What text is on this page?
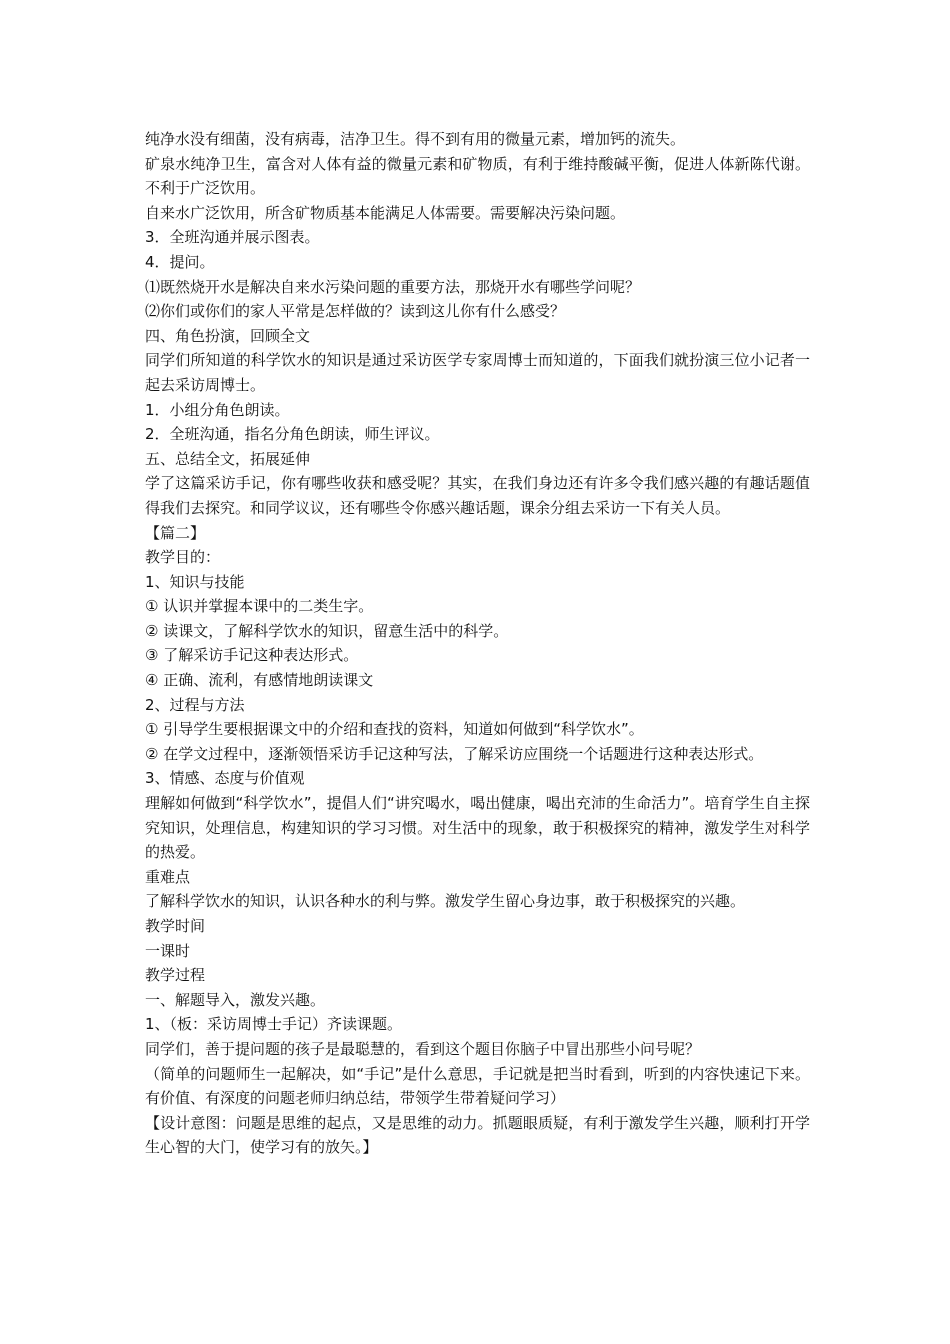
纯净水没有细菌，没有病毒，洁净卫生。得不到有用的微量元素，增加钙的流失。

矿泉水纯净卫生，富含对人体有益的微量元素和矿物质，有利于维持酸碱平衡，促进人体新陈代谢。不利于广泛饮用。

自来水广泛饮用，所含矿物质基本能满足人体需要。需要解决污染问题。

3．全班沟通并展示图表。

4．提问。

⑴既然烧开水是解决自来水污染问题的重要方法，那烧开水有哪些学问呢？

⑵你们或你们的家人平常是怎样做的？读到这儿你有什么感受？

四、角色扮演，回顾全文

同学们所知道的科学饮水的知识是通过采访医学专家周博士而知道的，下面我们就扮演三位小记者一起去采访周博士。

1．小组分角色朗读。

2．全班沟通，指名分角色朗读，师生评议。

五、总结全文，拓展延伸

学了这篇采访手记，你有哪些收获和感受呢？其实，在我们身边还有许多令我们感兴趣的有趣话题值得我们去探究。和同学议议，还有哪些令你感兴趣话题，课余分组去采访一下有关人员。

【篇二】

教学目的：

1、知识与技能

① 认识并掌握本课中的二类生字。

② 读课文，了解科学饮水的知识，留意生活中的科学。

③ 了解采访手记这种表达形式。

④ 正确、流利，有感情地朗读课文

2、过程与方法

① 引导学生要根据课文中的介绍和查找的资料，知道如何做到“科学饮水”。

② 在学文过程中，逐渐领悟采访手记这种写法，了解采访应围绕一个话题进行这种表达形式。

3、情感、态度与价值观

理解如何做到“科学饮水”，提倡人们“讲究喝水，喝出健康，喝出充沛的生命活力”。培育学生自主探究知识，处理信息，构建知识的学习习惯。对生活中的现象，敢于积极探究的精神，激发学生对科学的热爱。

重难点

了解科学饮水的知识，认识各种水的利与弊。激发学生留心身边事，敢于积极探究的兴趣。

教学时间

一课时

教学过程

一、解题导入，激发兴趣。

1、（板：采访周博士手记）齐读课题。

同学们，善于提问题的孩子是最聪慧的，看到这个题目你脑子中冒出那些小问号呢？

（简单的问题师生一起解决，如“手记”是什么意思，手记就是把当时看到，听到的内容快速记下来。有价值、有深度的问题老师归纳总结，带领学生带着疑问学习）

【设计意图：问题是思维的起点，又是思维的动力。抓题眼质疑，有利于激发学生兴趣，顺利打开学生心智的大门，使学习有的放矢。】
